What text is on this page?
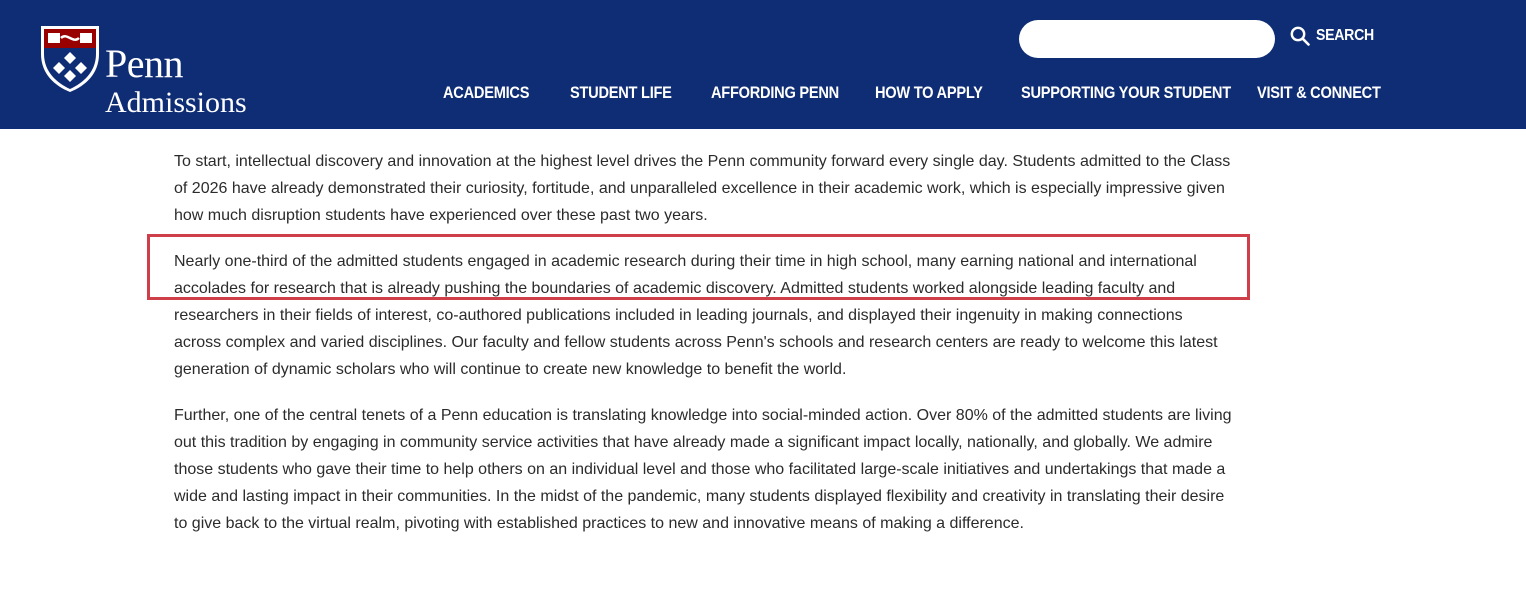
Penn
Admissions
SEARCH
ACADEMICS STUDENT LIFE AFFORDING PENN HOW TO APPLY SUPPORTING YOUR STUDENT VISIT & CONNECT

To start, intellectual discovery and innovation at the highest level drives the Penn community forward every single day. Students admitted to the Class of 2026 have already demonstrated their curiosity, fortitude, and unparalleled excellence in their academic work, which is especially impressive given how much disruption students have experienced over these past two years.

Nearly one-third of the admitted students engaged in academic research during their time in high school, many earning national and international accolades for research that is already pushing the boundaries of academic discovery. Admitted students worked alongside leading faculty and researchers in their fields of interest, co-authored publications included in leading journals, and displayed their ingenuity in making connections across complex and varied disciplines. Our faculty and fellow students across Penn's schools and research centers are ready to welcome this latest generation of dynamic scholars who will continue to create new knowledge to benefit the world.

Further, one of the central tenets of a Penn education is translating knowledge into social-minded action. Over 80% of the admitted students are living out this tradition by engaging in community service activities that have already made a significant impact locally, nationally, and globally. We admire those students who gave their time to help others on an individual level and those who facilitated large-scale initiatives and undertakings that made a wide and lasting impact in their communities. In the midst of the pandemic, many students displayed flexibility and creativity in translating their desire to give back to the virtual realm, pivoting with established practices to new and innovative means of making a difference.
